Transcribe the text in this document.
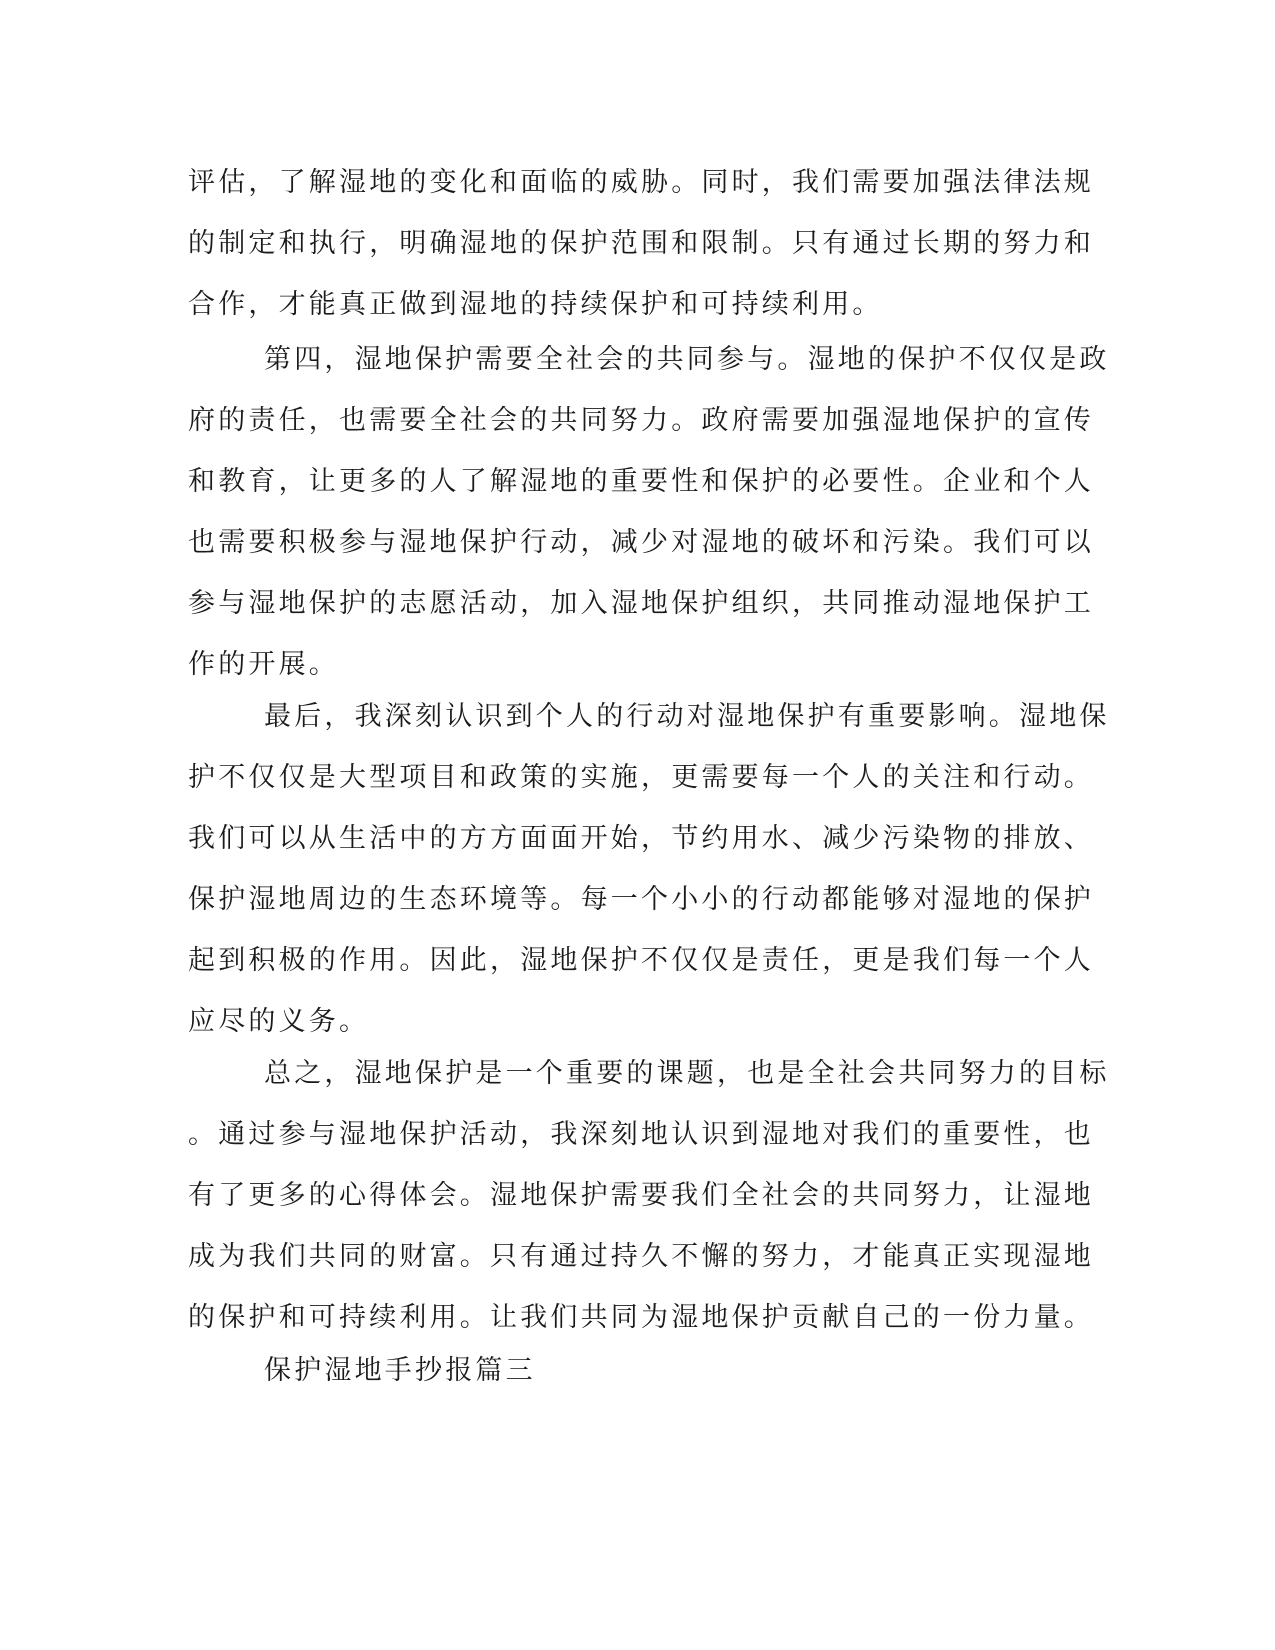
评估，了解湿地的变化和面临的威胁。同时，我们需要加强法律法规
的制定和执行，明确湿地的保护范围和限制。只有通过长期的努力和
合作，才能真正做到湿地的持续保护和可持续利用。
第四，湿地保护需要全社会的共同参与。湿地的保护不仅仅是政
府的责任，也需要全社会的共同努力。政府需要加强湿地保护的宣传
和教育，让更多的人了解湿地的重要性和保护的必要性。企业和个人
也需要积极参与湿地保护行动，减少对湿地的破坏和污染。我们可以
参与湿地保护的志愿活动，加入湿地保护组织，共同推动湿地保护工
作的开展。
最后，我深刻认识到个人的行动对湿地保护有重要影响。湿地保
护不仅仅是大型项目和政策的实施，更需要每一个人的关注和行动。
我们可以从生活中的方方面面开始，节约用水、减少污染物的排放、
保护湿地周边的生态环境等。每一个小小的行动都能够对湿地的保护
起到积极的作用。因此，湿地保护不仅仅是责任，更是我们每一个人
应尽的义务。
总之，湿地保护是一个重要的课题，也是全社会共同努力的目标
。通过参与湿地保护活动，我深刻地认识到湿地对我们的重要性，也
有了更多的心得体会。湿地保护需要我们全社会的共同努力，让湿地
成为我们共同的财富。只有通过持久不懈的努力，才能真正实现湿地
的保护和可持续利用。让我们共同为湿地保护贡献自己的一份力量。
保护湿地手抄报篇三
